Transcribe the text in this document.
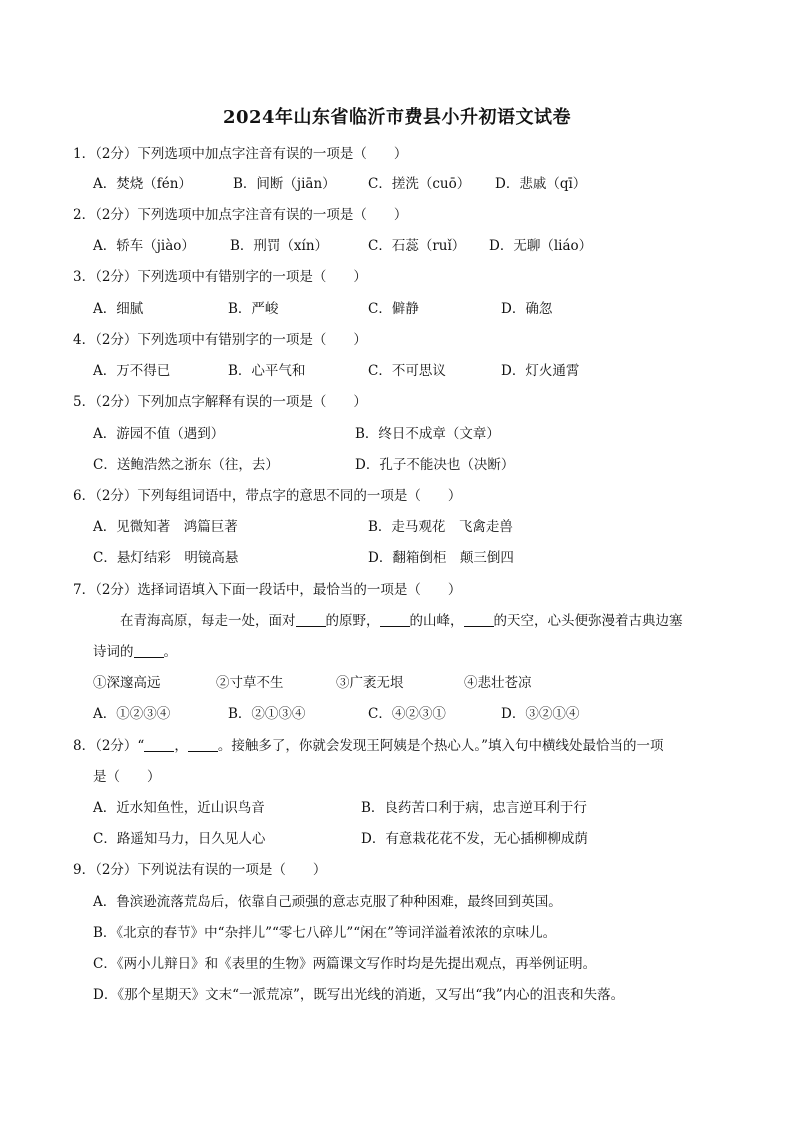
2024年山东省临沂市费县小升初语文试卷
1．（2分）下列选项中加点字注音有误的一项是（　　）
A．焚烧（fén）	B．间断（jiān） C．搓洗（cuō） D．悲戚（qī）
2．（2分）下列选项中加点字注音有误的一项是（　　）
A．轿车（jiào）	B．刑罚（xín）	C．石蕊（ruǐ） D．无聊（liáo）
3．（2分）下列选项中有错别字的一项是（　　）
A．细腻	B．严峻	C．僻静	D．确忽
4．（2分）下列选项中有错别字的一项是（　　）
A．万不得已	B．心平气和	C．不可思议	D．灯火通霄
5．（2分）下列加点字解释有误的一项是（　　）
A．游园不值（遇到）	B．终日不成章（文章）
C．送鲍浩然之浙东（往，去）	D．孔子不能决也（决断）
6．（2分）下列每组词语中，带点字的意思不同的一项是（　　）
A．见微知著　鸿篇巨著	B．走马观花　飞禽走兽
C．悬灯结彩　明镜高悬	D．翻箱倒柜　颠三倒四
7．（2分）选择词语填入下面一段话中，最恰当的一项是（　　）
在青海高原，每走一处，面对 的原野， 的山峰， 的天空，心头便弥漫着古典边塞
诗词的 。
①深邃高远	②寸草不生	③广袤无垠	④悲壮苍凉
A．①②③④	B．②①③④	C．④②③①	D．③②①④
8．（2分）“ ， 。接触多了，你就会发现王阿姨是个热心人。”填入句中横线处最恰当的一项
是（　　）
A．近水知鱼性，近山识鸟音	B．良药苦口利于病，忠言逆耳利于行
C．路遥知马力，日久见人心	D．有意栽花花不发，无心插柳柳成荫
9．（2分）下列说法有误的一项是（　　）
A．鲁滨逊流落荒岛后，依靠自己顽强的意志克服了种种困难，最终回到英国。
B．《北京的春节》中“杂拌儿”“零七八碎儿”“闲在”等词洋溢着浓浓的京味儿。
C．《两小儿辩日》和《表里的生物》两篇课文写作时均是先提出观点，再举例证明。
D．《那个星期天》文末“一派荒凉”，既写出光线的消逝，又写出“我”内心的沮丧和失落。
